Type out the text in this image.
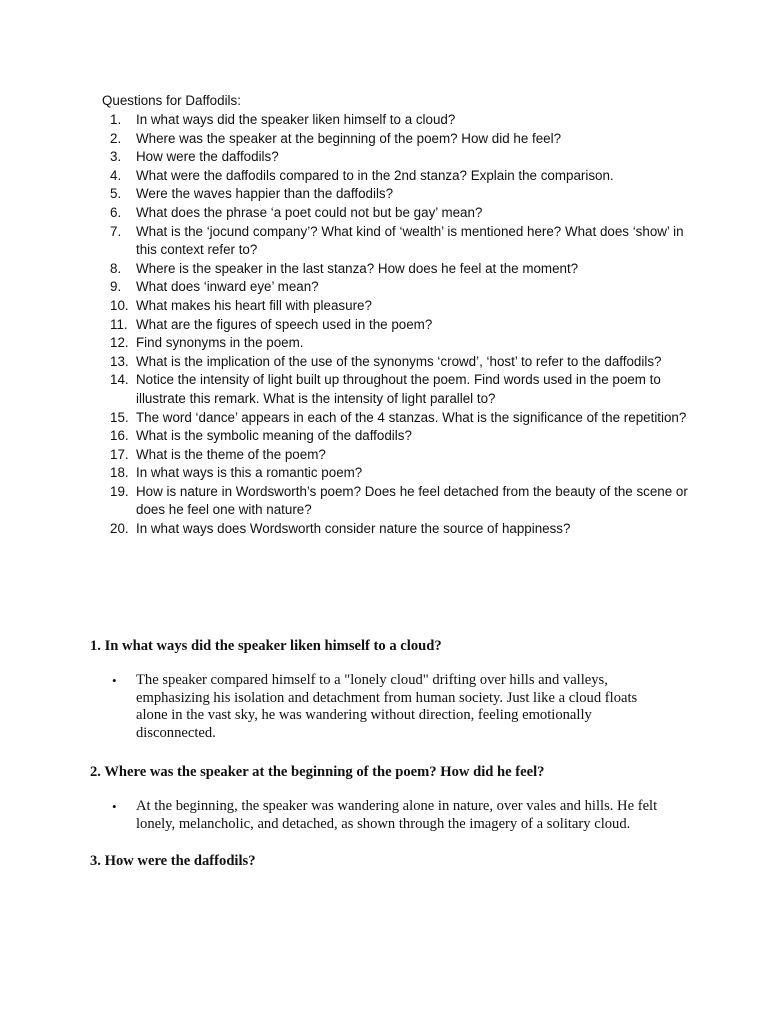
Questions for Daffodils:
1.	In what ways did the speaker liken himself to a cloud?
2.	Where was the speaker at the beginning of the poem? How did he feel?
3.	How were the daffodils?
4.	What were the daffodils compared to in the 2nd stanza? Explain the comparison.
5.	Were the waves happier than the daffodils?
6.	What does the phrase ‘a poet could not but be gay’ mean?
7.	What is the ‘jocund company’? What kind of ‘wealth’ is mentioned here? What does ‘show’ in this context refer to?
8.	Where is the speaker in the last stanza? How does he feel at the moment?
9.	What does ‘inward eye’ mean?
10. What makes his heart fill with pleasure?
11. What are the figures of speech used in the poem?
12. Find synonyms in the poem.
13. What is the implication of the use of the synonyms ‘crowd’, ‘host’ to refer to the daffodils?
14. Notice the intensity of light built up throughout the poem. Find words used in the poem to illustrate this remark. What is the intensity of light parallel to?
15. The word ‘dance’ appears in each of the 4 stanzas. What is the significance of the repetition?
16. What is the symbolic meaning of the daffodils?
17. What is the theme of the poem?
18. In what ways is this a romantic poem?
19. How is nature in Wordsworth’s poem? Does he feel detached from the beauty of the scene or does he feel one with nature?
20. In what ways does Wordsworth consider nature the source of happiness?
1. In what ways did the speaker liken himself to a cloud?
•	The speaker compared himself to a "lonely cloud" drifting over hills and valleys, emphasizing his isolation and detachment from human society. Just like a cloud floats alone in the vast sky, he was wandering without direction, feeling emotionally disconnected.
2. Where was the speaker at the beginning of the poem? How did he feel?
•	At the beginning, the speaker was wandering alone in nature, over vales and hills. He felt lonely, melancholic, and detached, as shown through the imagery of a solitary cloud.
3. How were the daffodils?
